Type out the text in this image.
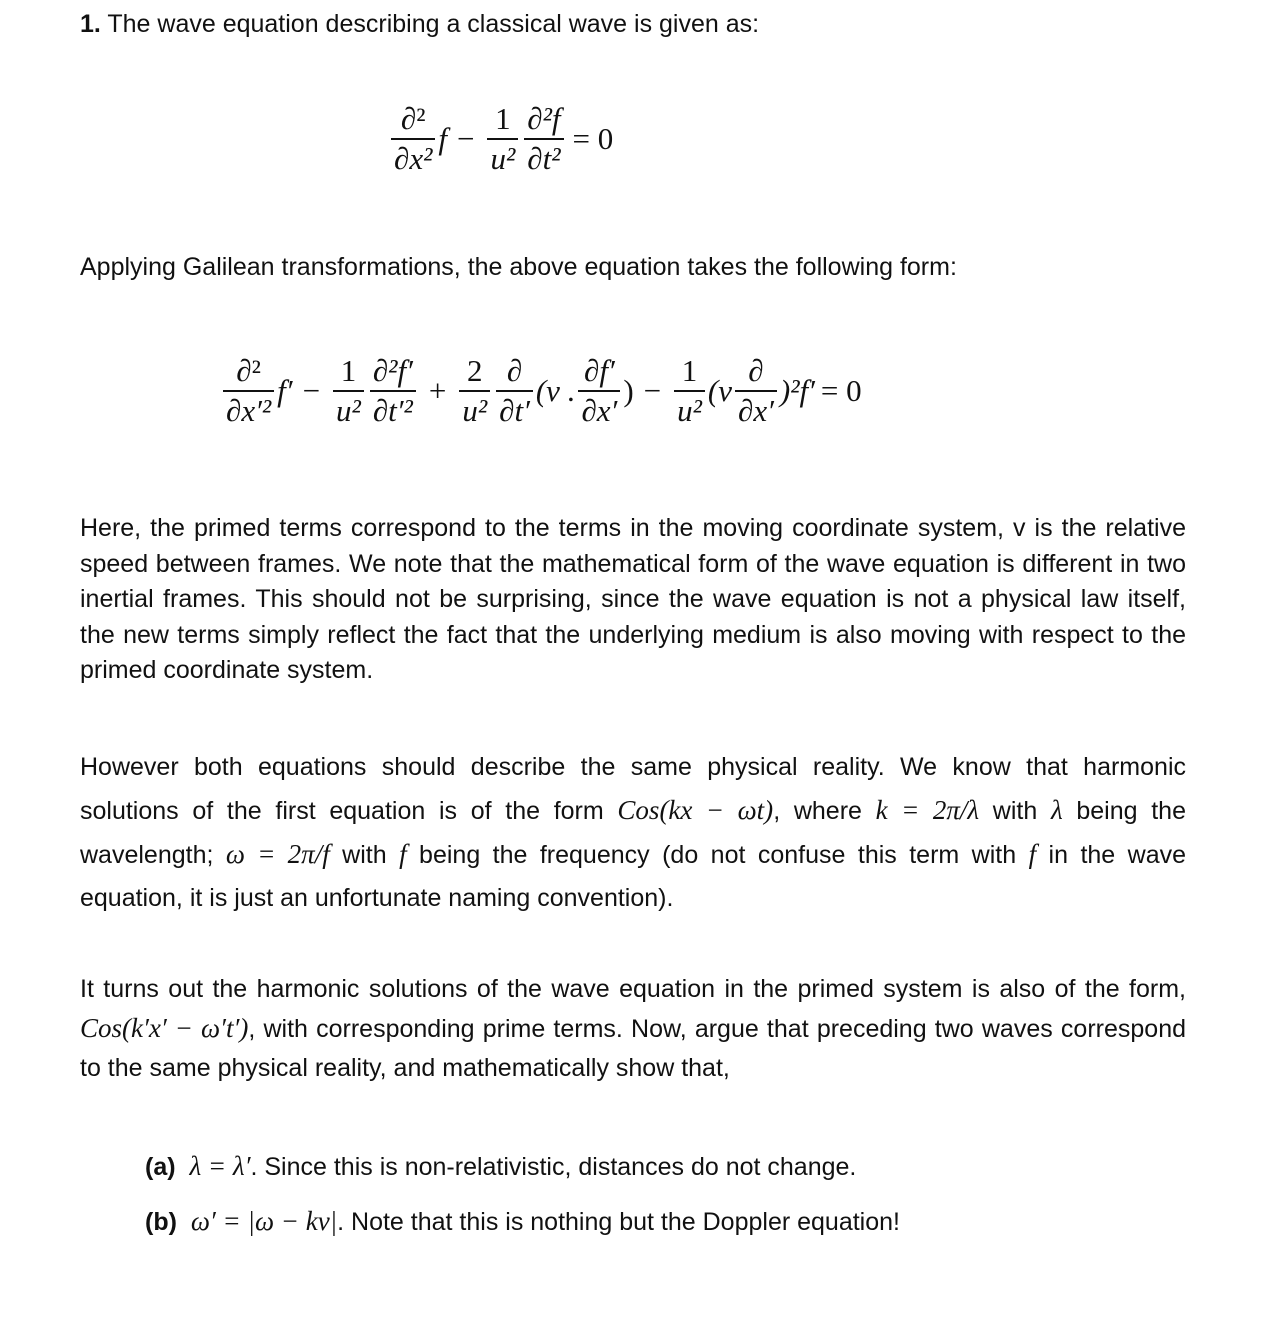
1. The wave equation describing a classical wave is given as:

$\frac{\text{∂²}}{\text{∂x²}}$ $f - \frac{1}{\text{u²}} \frac{\text{∂²f}}{\text{∂t²}} = 0$

Applying Galilean transformations, the above equation takes the following form:

$\frac{\text{∂²}}{\text{∂x′²}} f' - \frac{1}{\text{u²}} \frac{\text{∂²f′}}{\text{∂t′²}} + \frac{2}{\text{u²}} \frac{\partial}{\partial t'} (v$ . $\frac{\partial f'}{\partial x'}$ ) − $\frac{1}{\text{u²}} (v \frac{\partial}{\partial x'} )^2f' = 0$

Here, the primed terms correspond to the terms in the moving coordinate system, v is the relative speed between frames. We note that the mathematical form of the wave equation is different in two inertial frames. This should not be surprising, since the wave equation is not a physical law itself, the new terms simply reflect the fact that the underlying medium is also moving with respect to the primed coordinate system.

However both equations should describe the same physical reality. We know that harmonic solutions of the first equation is of the form Cos(kx − ωt), where k = 2π/λ with λ being the wavelength; ω = 2π/f with f being the frequency (do not confuse this term with f in the wave equation, it is just an unfortunate naming convention).

It turns out the harmonic solutions of the wave equation in the primed system is also of the form, Cos(k′x′ − ω′t′), with corresponding prime terms. Now, argue that preceding two waves correspond to the same physical reality, and mathematically show that,

(a) λ = λ′. Since this is non-relativistic, distances do not change.

(b) ω′ = |ω − kv|. Note that this is nothing but the Doppler equation!
